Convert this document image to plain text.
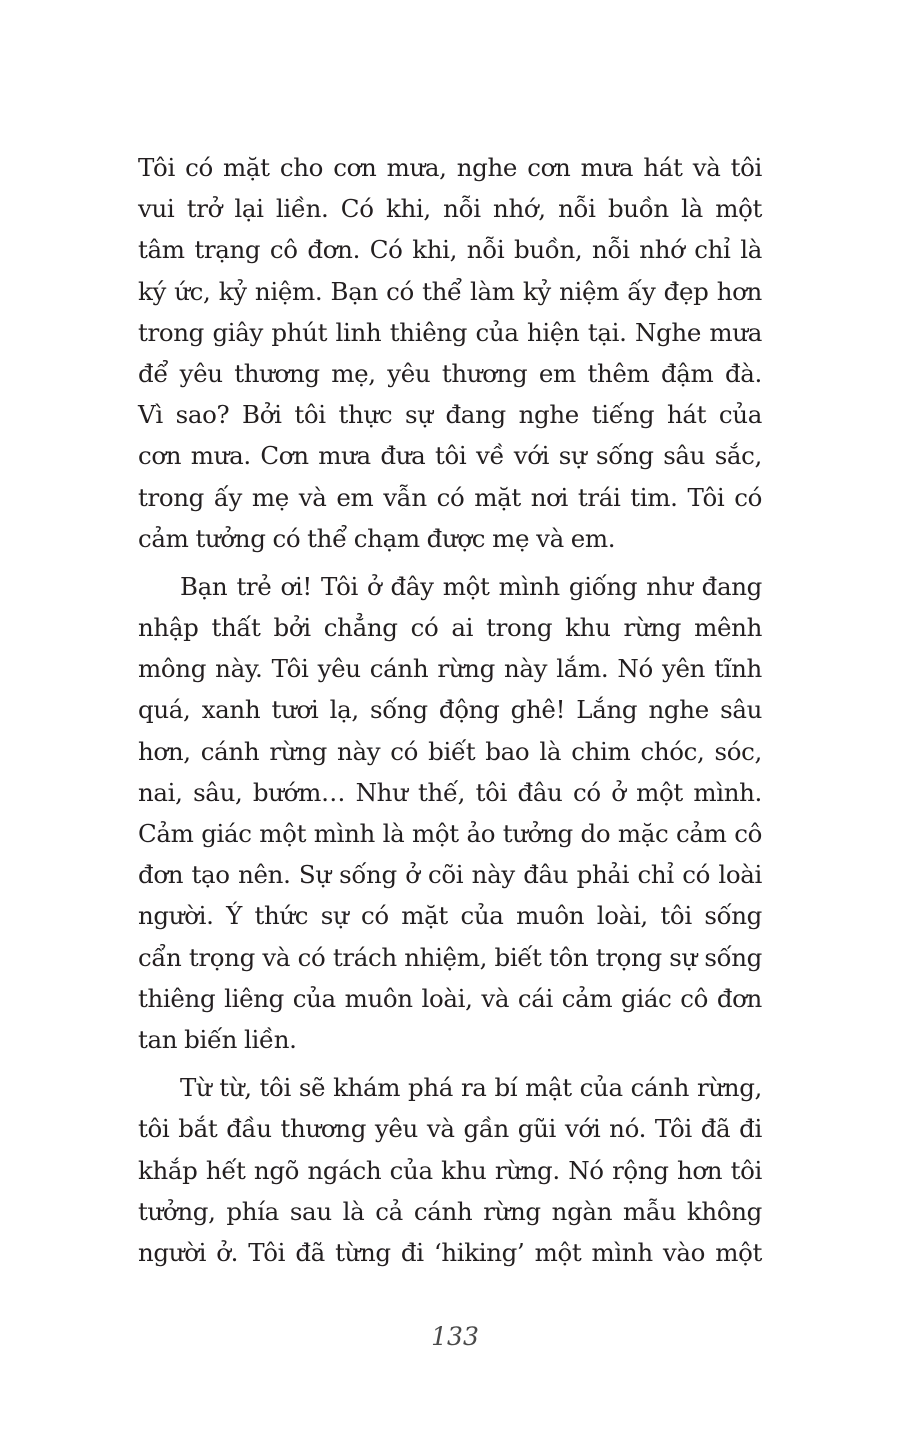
Tôi có mặt cho cơn mưa, nghe cơn mưa hát và tôi
vui trở lại liền. Có khi, nỗi nhớ, nỗi buồn là một
tâm trạng cô đơn. Có khi, nỗi buồn, nỗi nhớ chỉ là
ký ức, kỷ niệm. Bạn có thể làm kỷ niệm ấy đẹp hơn
trong giây phút linh thiêng của hiện tại. Nghe mưa
để yêu thương mẹ, yêu thương em thêm đậm đà.
Vì sao? Bởi tôi thực sự đang nghe tiếng hát của
cơn mưa. Cơn mưa đưa tôi về với sự sống sâu sắc,
trong ấy mẹ và em vẫn có mặt nơi trái tim. Tôi có
cảm tưởng có thể chạm được mẹ và em.
Bạn trẻ ơi! Tôi ở đây một mình giống như đang
nhập thất bởi chẳng có ai trong khu rừng mênh
mông này. Tôi yêu cánh rừng này lắm. Nó yên tĩnh
quá, xanh tươi lạ, sống động ghê! Lắng nghe sâu
hơn, cánh rừng này có biết bao là chim chóc, sóc,
nai, sâu, bướm… Như thế, tôi đâu có ở một mình.
Cảm giác một mình là một ảo tưởng do mặc cảm cô
đơn tạo nên. Sự sống ở cõi này đâu phải chỉ có loài
người. Ý thức sự có mặt của muôn loài, tôi sống
cẩn trọng và có trách nhiệm, biết tôn trọng sự sống
thiêng liêng của muôn loài, và cái cảm giác cô đơn
tan biến liền.
Từ từ, tôi sẽ khám phá ra bí mật của cánh rừng,
tôi bắt đầu thương yêu và gần gũi với nó. Tôi đã đi
khắp hết ngõ ngách của khu rừng. Nó rộng hơn tôi
tưởng, phía sau là cả cánh rừng ngàn mẫu không
người ở. Tôi đã từng đi ‘hiking’ một mình vào một
133
